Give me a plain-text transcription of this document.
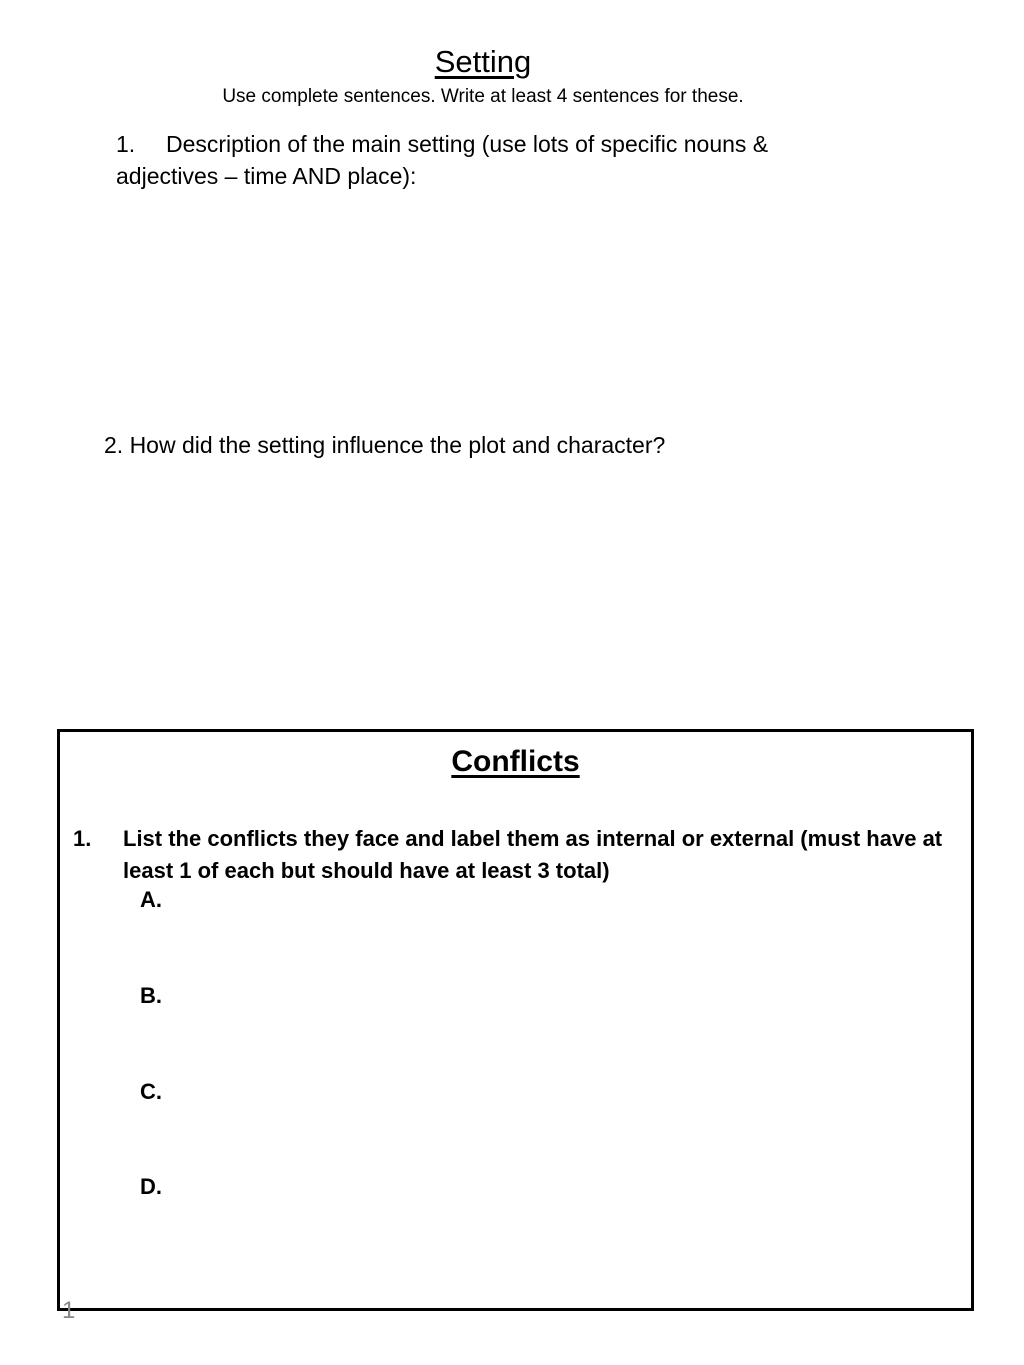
Setting
Use complete sentences. Write at least 4 sentences for these.
1. Description of the main setting (use lots of specific nouns & adjectives – time AND place):
2. How did the setting influence the plot and character?
Conflicts
1. List the conflicts they face and label them as internal or external (must have at least 1 of each but should have at least 3 total)
A.
B.
C.
D.
1
